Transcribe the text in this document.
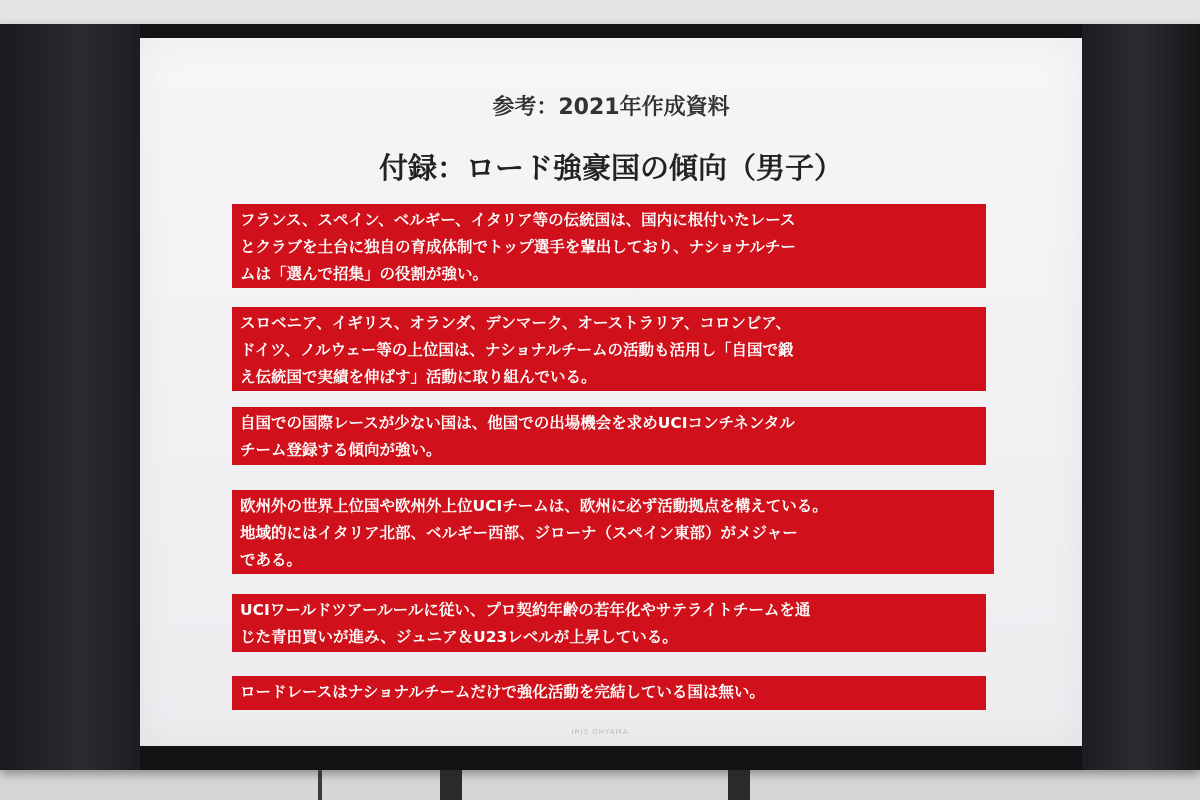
参考：2021年作成資料
付録：ロード強豪国の傾向（男子）
フランス、スペイン、ベルギー、イタリア等の伝統国は、国内に根付いたレース
とクラブを土台に独自の育成体制でトップ選手を輩出しており、ナショナルチー
ムは「選んで招集」の役割が強い。
スロベニア、イギリス、オランダ、デンマーク、オーストラリア、コロンビア、
ドイツ、ノルウェー等の上位国は、ナショナルチームの活動も活用し「自国で鍛
え伝統国で実績を伸ばす」活動に取り組んでいる。
自国での国際レースが少ない国は、他国での出場機会を求めUCIコンチネンタル
チーム登録する傾向が強い。
欧州外の世界上位国や欧州外上位UCIチームは、欧州に必ず活動拠点を構えている。
地域的にはイタリア北部、ベルギー西部、ジローナ（スペイン東部）がメジャー
である。
UCIワールドツアールールに従い、プロ契約年齢の若年化やサテライトチームを通
じた青田買いが進み、ジュニア＆U23レベルが上昇している。
ロードレースはナショナルチームだけで強化活動を完結している国は無い。
IRIS OHYAMA
